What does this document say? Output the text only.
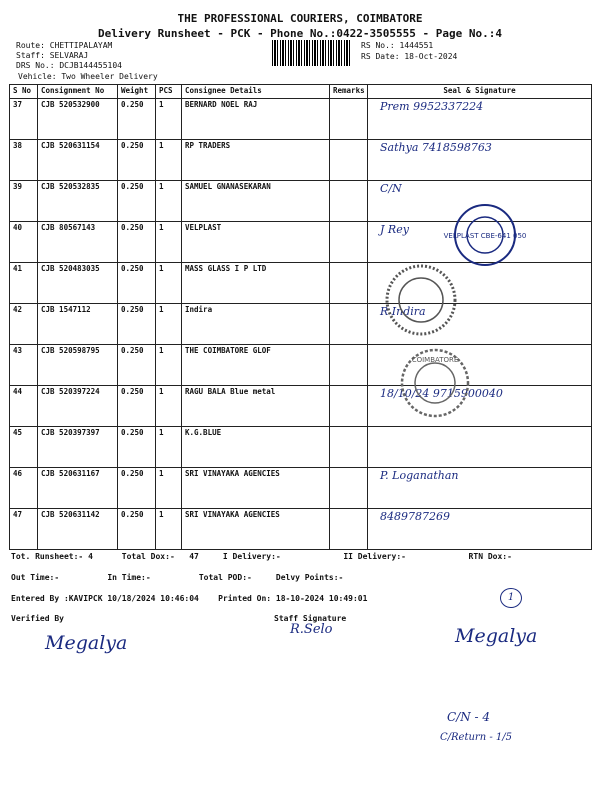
THE PROFESSIONAL COURIERS, COIMBATORE
Delivery Runsheet - PCK - Phone No.:0422-3505555 - Page No.:4
Route: CHETTIPALAYAM
Staff: SELVARAJ
DRS No.: DCJB144455104
Vehicle: Two Wheeler Delivery
RS No.: 1444551
RS Date: 18-Oct-2024
S No	Consignment No	Weight	PCS	Consignee Details	Remarks	Seal & Signature
37	CJB 520532900	0.250	1	BERNARD NOEL RAJ		Prem 9952337224
38	CJB 520631154	0.250	1	RP TRADERS		Sathya 7418598763
39	CJB 520532835	0.250	1	SAMUEL GNANASEKARAN		C/N
40	CJB 80567143	0.250	1	VELPLAST		J Rey
41	CJB 520483035	0.250	1	MASS GLASS I P LTD		
42	CJB 1547112	0.250	1	Indira		R Indira
43	CJB 520598795	0.250	1	THE COIMBATORE GLOF		
44	CJB 520397224	0.250	1	RAGU BALA Blue metal		18/10/24 9715900040
45	CJB 520397397	0.250	1	K.G.BLUE		
46	CJB 520631167	0.250	1	SRI VINAYAKA AGENCIES		P. Loganathan
47	CJB 520631142	0.250	1	SRI VINAYAKA AGENCIES		8489787269
VELPLAST CBE-641 050
COIMBATORE
Tot. Runsheet:- 4      Total Dox:-   47     I Delivery:-             II Delivery:-             RTN Dox:-
Out Time:-          In Time:-          Total POD:-     Delvy Points:-
Entered By :KAVIPCK 10/18/2024 10:46:04    Printed On: 18-10-2024 10:49:01
Verified By	Staff Signature
Megalya
R.Selo	Megalya
1
C/N - 4
C/Return - 1/5
